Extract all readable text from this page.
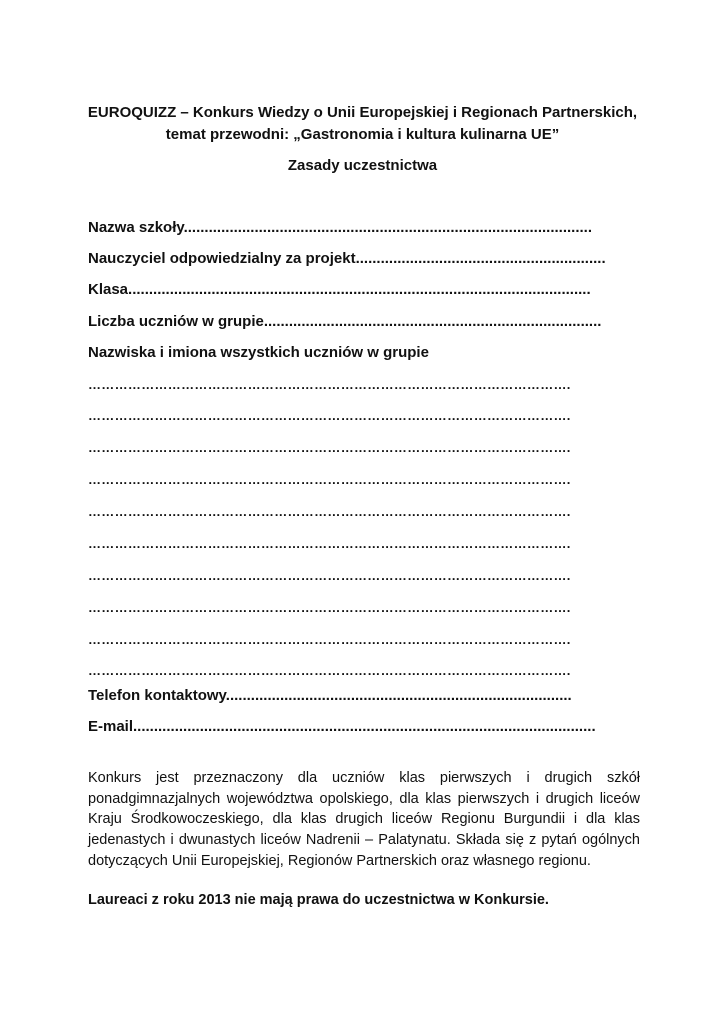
EUROQUIZZ – Konkurs Wiedzy o Unii Europejskiej i Regionach Partnerskich,
temat przewodni: „Gastronomia i kultura kulinarna UE”
Zasady uczestnictwa
Nazwa szkoły..................................................................................................
Nauczyciel odpowiedzialny za projekt............................................................
Klasa...............................................................................................................
Liczba uczniów w grupie.................................................................................
Nazwiska i imiona wszystkich uczniów w grupie
……………………………………………………………………………………………….
……………………………………………………………………………………………….
……………………………………………………………………………………………….
……………………………………………………………………………………………….
……………………………………………………………………………………………….
……………………………………………………………………………………………….
……………………………………………………………………………………………….
……………………………………………………………………………………………….
……………………………………………………………………………………………….
……………………………………………………………………………………………….
Telefon kontaktowy...................................................................................
E-mail...............................................................................................................

Konkurs jest przeznaczony dla uczniów klas pierwszych i drugich szkół ponadgimnazjalnych województwa opolskiego, dla klas pierwszych i drugich liceów Kraju Środkowoczeskiego, dla klas drugich liceów Regionu Burgundii i dla klas jedenastych i dwunastych liceów Nadrenii – Palatynatu. Składa się z pytań ogólnych dotyczących Unii Europejskiej, Regionów Partnerskich oraz własnego regionu.

Laureaci z roku 2013 nie mają prawa do uczestnictwa w Konkursie.
